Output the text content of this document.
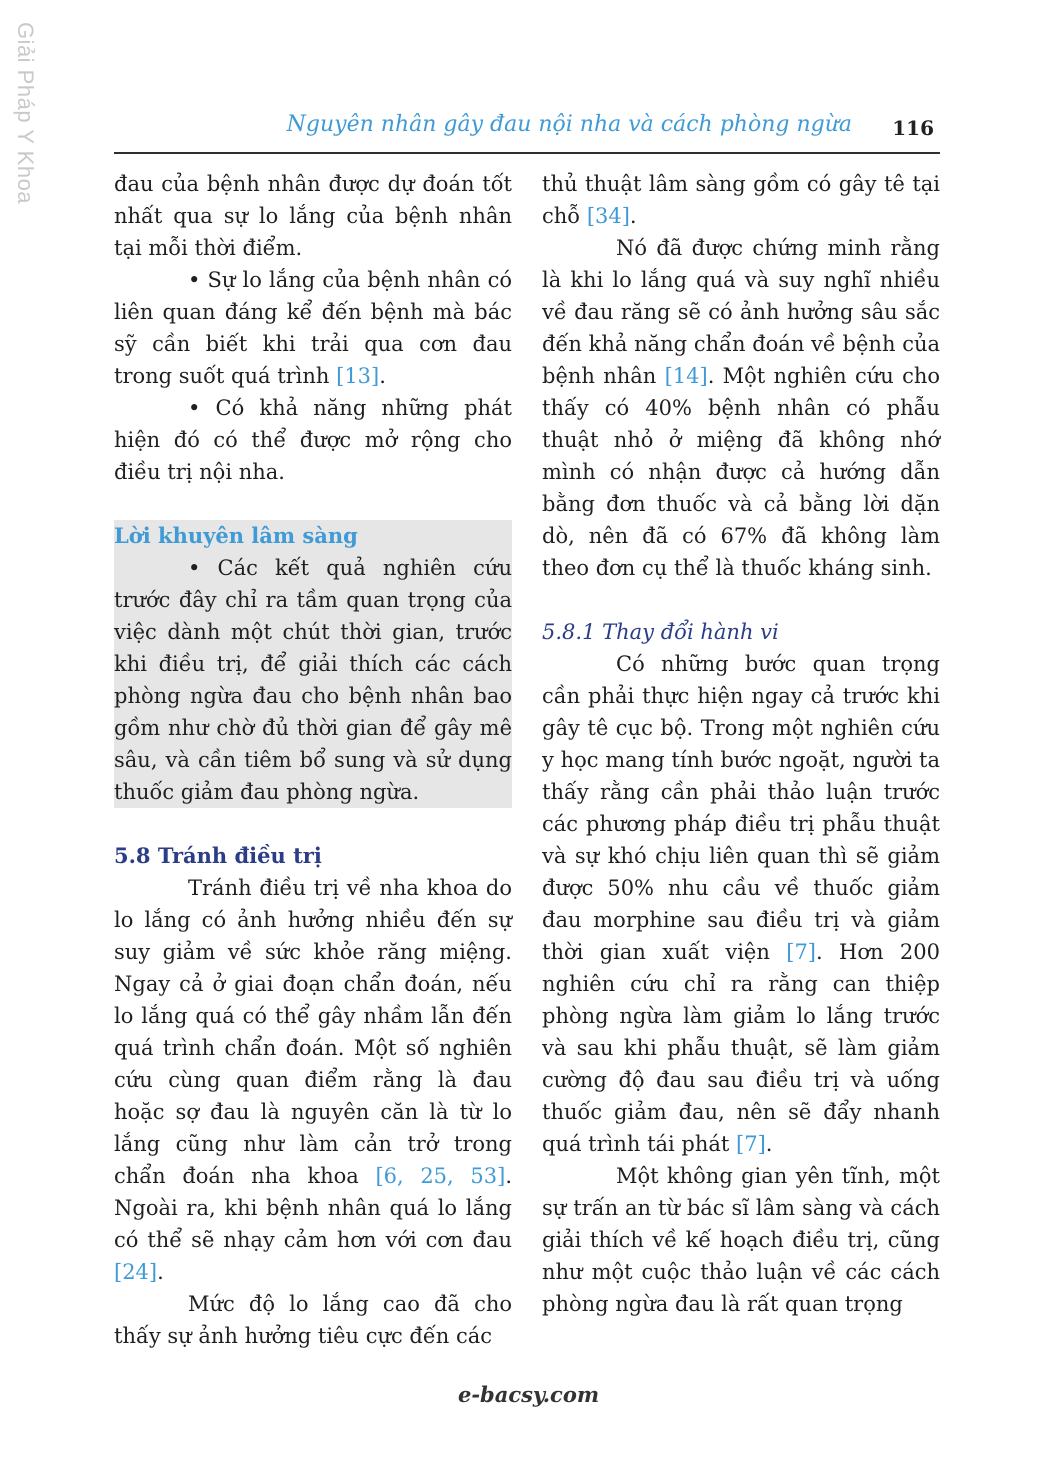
Giải Pháp Y Khoa	Nguyên nhân gây đau nội nha và cách phòng ngừa 116

đau của bệnh nhân được dự đoán tốt nhất qua sự lo lắng của bệnh nhân tại mỗi thời điểm.

• Sự lo lắng của bệnh nhân có liên quan đáng kể đến bệnh mà bác sỹ cần biết khi trải qua cơn đau trong suốt quá trình [13].

• Có khả năng những phát hiện đó có thể được mở rộng cho điều trị nội nha.

Lời khuyên lâm sàng

• Các kết quả nghiên cứu trước đây chỉ ra tầm quan trọng của việc dành một chút thời gian, trước khi điều trị, để giải thích các cách phòng ngừa đau cho bệnh nhân bao gồm như chờ đủ thời gian để gây mê sâu, và cần tiêm bổ sung và sử dụng thuốc giảm đau phòng ngừa.

5.8 Tránh điều trị

Tránh điều trị về nha khoa do lo lắng có ảnh hưởng nhiều đến sự suy giảm về sức khỏe răng miệng. Ngay cả ở giai đoạn chẩn đoán, nếu lo lắng quá có thể gây nhầm lẫn đến quá trình chẩn đoán. Một số nghiên cứu cùng quan điểm rằng là đau hoặc sợ đau là nguyên căn là từ lo lắng cũng như làm cản trở trong chẩn đoán nha khoa [6, 25, 53]. Ngoài ra, khi bệnh nhân quá lo lắng có thể sẽ nhạy cảm hơn với cơn đau [24].

Mức độ lo lắng cao đã cho thấy sự ảnh hưởng tiêu cực đến các

thủ thuật lâm sàng gồm có gây tê tại chỗ [34].

Nó đã được chứng minh rằng là khi lo lắng quá và suy nghĩ nhiều về đau răng sẽ có ảnh hưởng sâu sắc đến khả năng chẩn đoán về bệnh của bệnh nhân [14]. Một nghiên cứu cho thấy có 40% bệnh nhân có phẫu thuật nhỏ ở miệng đã không nhớ mình có nhận được cả hướng dẫn bằng đơn thuốc và cả bằng lời dặn dò, nên đã có 67% đã không làm theo đơn cụ thể là thuốc kháng sinh.

5.8.1 Thay đổi hành vi

Có những bước quan trọng cần phải thực hiện ngay cả trước khi gây tê cục bộ. Trong một nghiên cứu y học mang tính bước ngoặt, người ta thấy rằng cần phải thảo luận trước các phương pháp điều trị phẫu thuật và sự khó chịu liên quan thì sẽ giảm được 50% nhu cầu về thuốc giảm đau morphine sau điều trị và giảm thời gian xuất viện [7]. Hơn 200 nghiên cứu chỉ ra rằng can thiệp phòng ngừa làm giảm lo lắng trước và sau khi phẫu thuật, sẽ làm giảm cường độ đau sau điều trị và uống thuốc giảm đau, nên sẽ đẩy nhanh quá trình tái phát [7].

Một không gian yên tĩnh, một sự trấn an từ bác sĩ lâm sàng và cách giải thích về kế hoạch điều trị, cũng như một cuộc thảo luận về các cách phòng ngừa đau là rất quan trọng

e-bacsy.com
